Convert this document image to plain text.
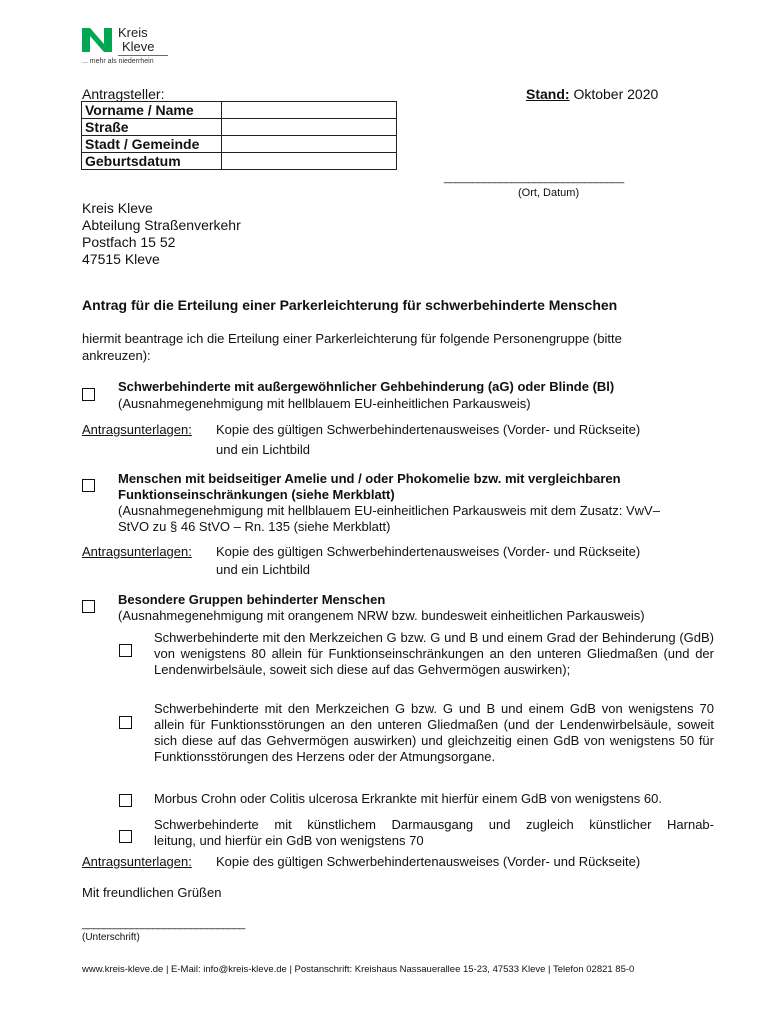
Kreis
Kleve
... mehr als niederrhein
Antragsteller:	Stand: Oktober 2020
Vorname / Name	
Straße	
Stadt / Gemeinde	
Geburtsdatum	
________________________________
(Ort, Datum)
Kreis Kleve
Abteilung Straßenverkehr
Postfach 15 52
47515 Kleve
Antrag für die Erteilung einer Parkerleichterung für schwerbehinderte Menschen
hiermit beantrage ich die Erteilung einer Parkerleichterung für folgende Personengruppe (bitte ankreuzen):
Schwerbehinderte mit außergewöhnlicher Gehbehinderung (aG) oder Blinde (Bl)
(Ausnahmegenehmigung mit hellblauem EU-einheitlichen Parkausweis)
Antragsunterlagen: Kopie des gültigen Schwerbehindertenausweises (Vorder- und Rückseite)
und ein Lichtbild
Menschen mit beidseitiger Amelie und / oder Phokomelie bzw. mit vergleichbaren
Funktionseinschränkungen (siehe Merkblatt)
(Ausnahmegenehmigung mit hellblauem EU-einheitlichen Parkausweis mit dem Zusatz: VwV–
StVO zu § 46 StVO – Rn. 135 (siehe Merkblatt)
Antragsunterlagen: Kopie des gültigen Schwerbehindertenausweises (Vorder- und Rückseite)
und ein Lichtbild
Besondere Gruppen behinderter Menschen
(Ausnahmegenehmigung mit orangenem NRW bzw. bundesweit einheitlichen Parkausweis)
Schwerbehinderte mit den Merkzeichen G bzw. G und B und einem Grad der Behinderung (GdB) von wenigstens 80 allein für Funktionseinschränkungen an den unteren Gliedmaßen (und der Lendenwirbelsäule, soweit sich diese auf das Gehvermögen auswirken);
Schwerbehinderte mit den Merkzeichen G bzw. G und B und einem GdB von wenigstens 70 allein für Funktionsstörungen an den unteren Gliedmaßen (und der Lendenwirbelsäule, soweit sich diese auf das Gehvermögen auswirken) und gleichzeitig einen GdB von wenigstens 50 für Funktionsstörungen des Herzens oder der Atmungsorgane.
Morbus Crohn oder Colitis ulcerosa Erkrankte mit hierfür einem GdB von wenigstens 60.
Schwerbehinderte mit künstlichem Darmausgang und zugleich künstlicher Harnab-
leitung, und hierfür ein GdB von wenigstens 70
Antragsunterlagen: Kopie des gültigen Schwerbehindertenausweises (Vorder- und Rückseite)
Mit freundlichen Grüßen
______________________________
(Unterschrift)
www.kreis-kleve.de | E-Mail: info@kreis-kleve.de | Postanschrift: Kreishaus Nassauerallee 15-23, 47533 Kleve | Telefon 02821 85-0
